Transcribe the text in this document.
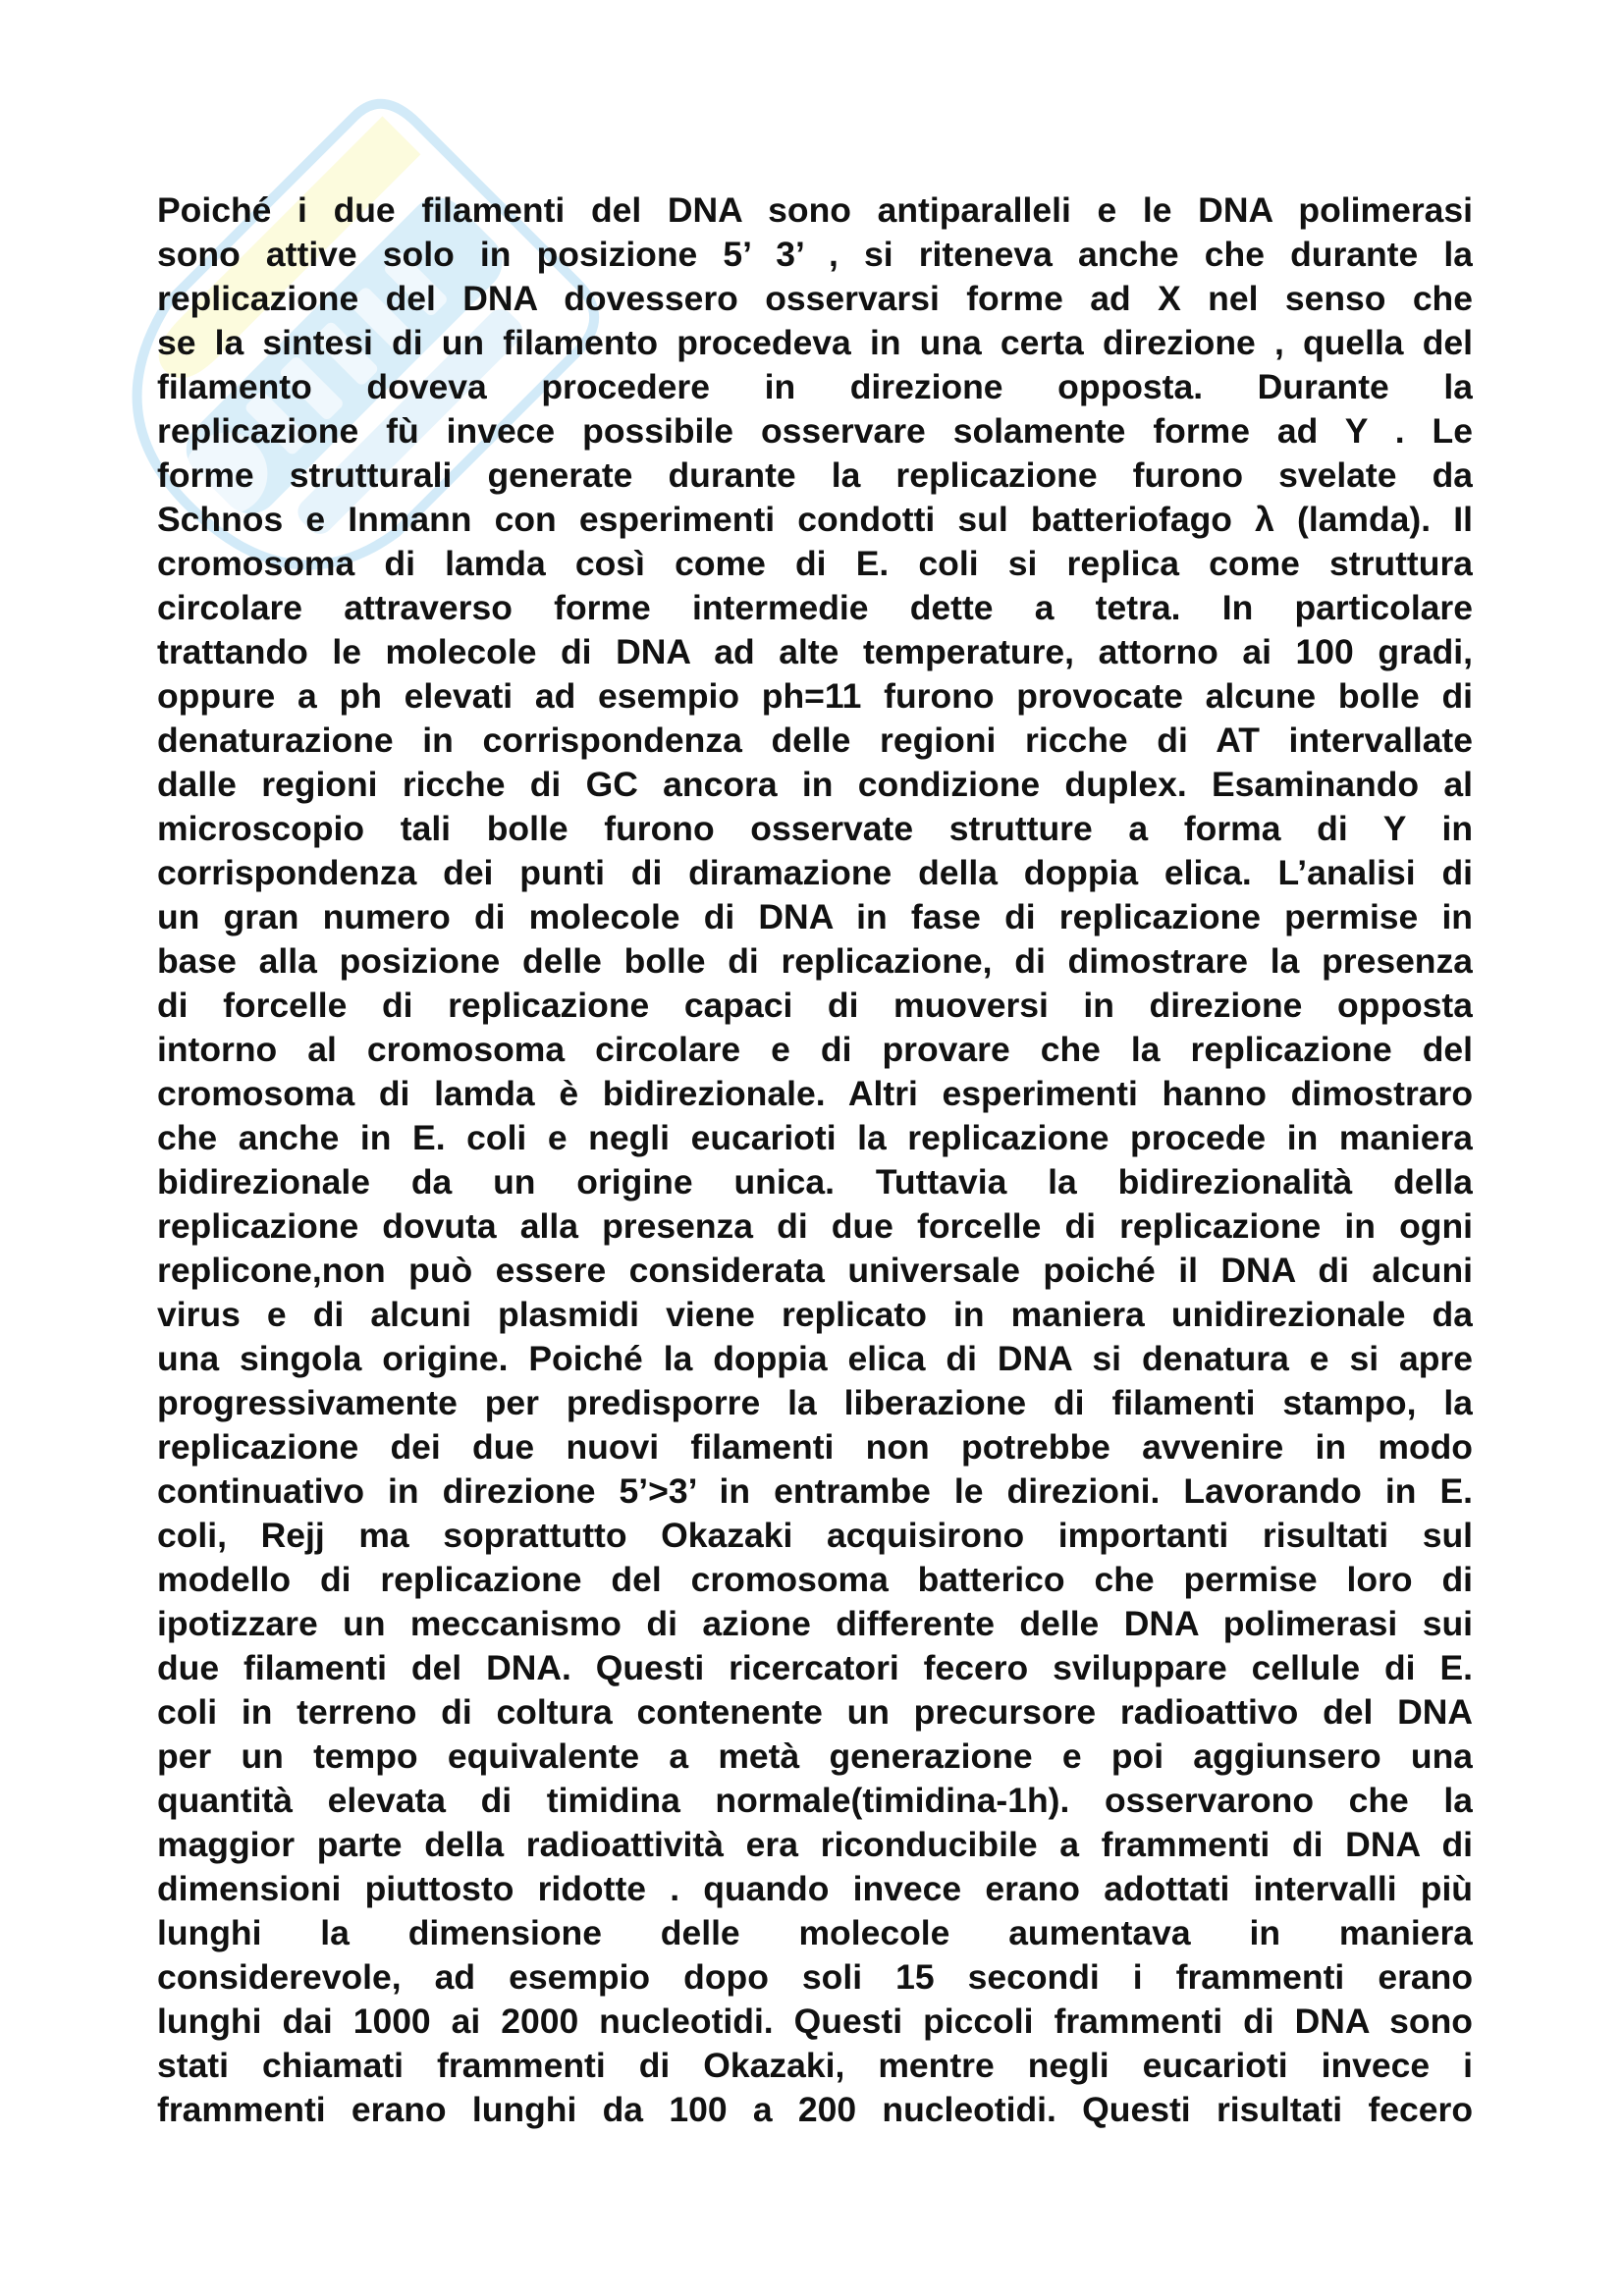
Poiché i due filamenti del DNA sono antiparalleli e le DNA polimerasi
sono attive solo in posizione 5’ 3’ , si riteneva anche che durante la
replicazione del DNA dovessero osservarsi forme ad X nel senso che
se la sintesi di un filamento procedeva in una certa direzione , quella del
filamento doveva procedere in direzione opposta. Durante la
replicazione fù invece possibile osservare solamente forme ad Y . Le
forme strutturali generate durante la replicazione furono svelate da
Schnos e Inmann con esperimenti condotti sul batteriofago λ (lamda). Il
cromosoma di lamda così come di E. coli si replica come struttura
circolare attraverso forme intermedie dette a tetra. In particolare
trattando le molecole di DNA ad alte temperature, attorno ai 100 gradi,
oppure a ph elevati ad esempio ph=11 furono provocate alcune bolle di
denaturazione in corrispondenza delle regioni ricche di AT intervallate
dalle regioni ricche di GC ancora in condizione duplex. Esaminando al
microscopio tali bolle furono osservate strutture a forma di Y in
corrispondenza dei punti di diramazione della doppia elica. L’analisi di
un gran numero di molecole di DNA in fase di replicazione permise in
base alla posizione delle bolle di replicazione, di dimostrare la presenza
di forcelle di replicazione capaci di muoversi in direzione opposta
intorno al cromosoma circolare e di provare che la replicazione del
cromosoma di lamda è bidirezionale. Altri esperimenti hanno dimostraro
che anche in E. coli e negli eucarioti la replicazione procede in maniera
bidirezionale da un origine unica. Tuttavia la bidirezionalità della
replicazione dovuta alla presenza di due forcelle di replicazione in ogni
replicone,non può essere considerata universale poiché il DNA di alcuni
virus e di alcuni plasmidi viene replicato in maniera unidirezionale da
una singola origine. Poiché la doppia elica di DNA si denatura e si apre
progressivamente per predisporre la liberazione di filamenti stampo, la
replicazione dei due nuovi filamenti non potrebbe avvenire in modo
continuativo in direzione 5’>3’ in entrambe le direzioni. Lavorando in E.
coli, Rejj ma soprattutto Okazaki acquisirono importanti risultati sul
modello di replicazione del cromosoma batterico che permise loro di
ipotizzare un meccanismo di azione differente delle DNA polimerasi sui
due filamenti del DNA. Questi ricercatori fecero sviluppare cellule di E.
coli in terreno di coltura contenente un precursore radioattivo del DNA
per un tempo equivalente a metà generazione e poi aggiunsero una
quantità elevata di timidina normale(timidina-1h). osservarono che la
maggior parte della radioattività era riconducibile a frammenti di DNA di
dimensioni piuttosto ridotte . quando invece erano adottati intervalli più
lunghi la dimensione delle molecole aumentava in maniera
considerevole, ad esempio dopo soli 15 secondi i frammenti erano
lunghi dai 1000 ai 2000 nucleotidi. Questi piccoli frammenti di DNA sono
stati chiamati frammenti di Okazaki, mentre negli eucarioti invece i
frammenti erano lunghi da 100 a 200 nucleotidi. Questi risultati fecero
